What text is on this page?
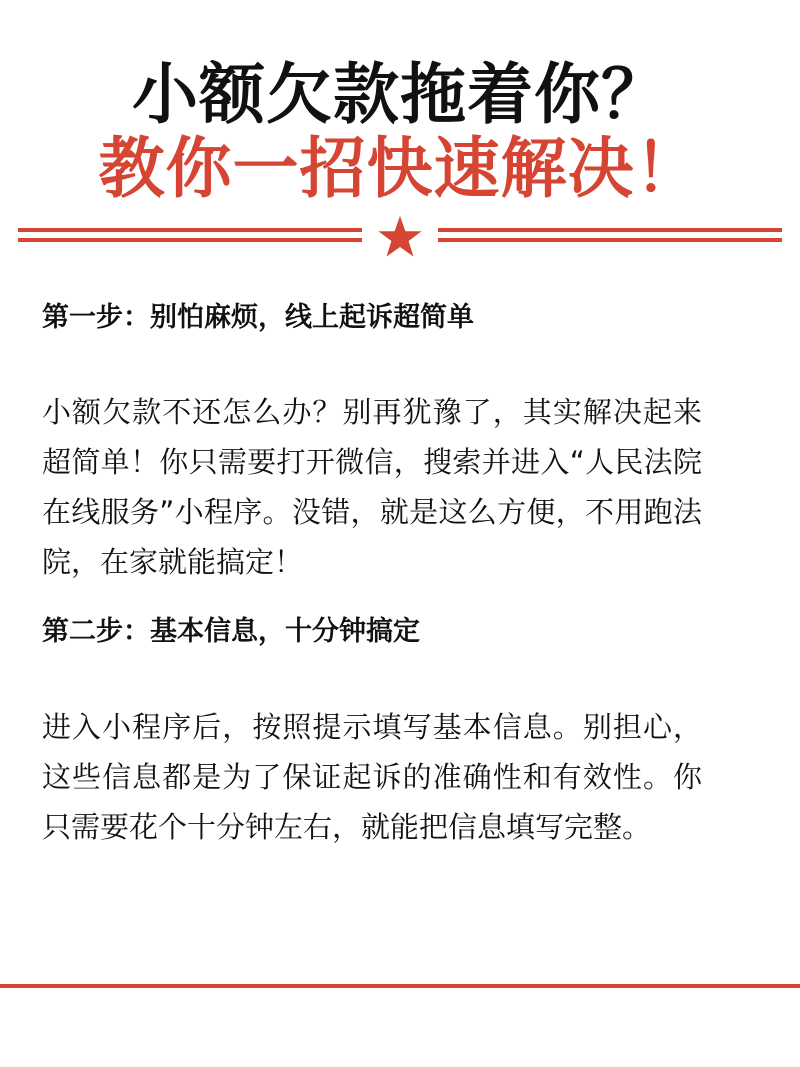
小额欠款拖着你？
教你一招快速解决！
第一步：别怕麻烦，线上起诉超简单
小额欠款不还怎么办？别再犹豫了，其实解决起来超简单！你只需要打开微信，搜索并进入“人民法院在线服务”小程序。没错，就是这么方便，不用跑法院，在家就能搞定！
第二步：基本信息，十分钟搞定
进入小程序后，按照提示填写基本信息。别担心，这些信息都是为了保证起诉的准确性和有效性。你只需要花个十分钟左右，就能把信息填写完整。
